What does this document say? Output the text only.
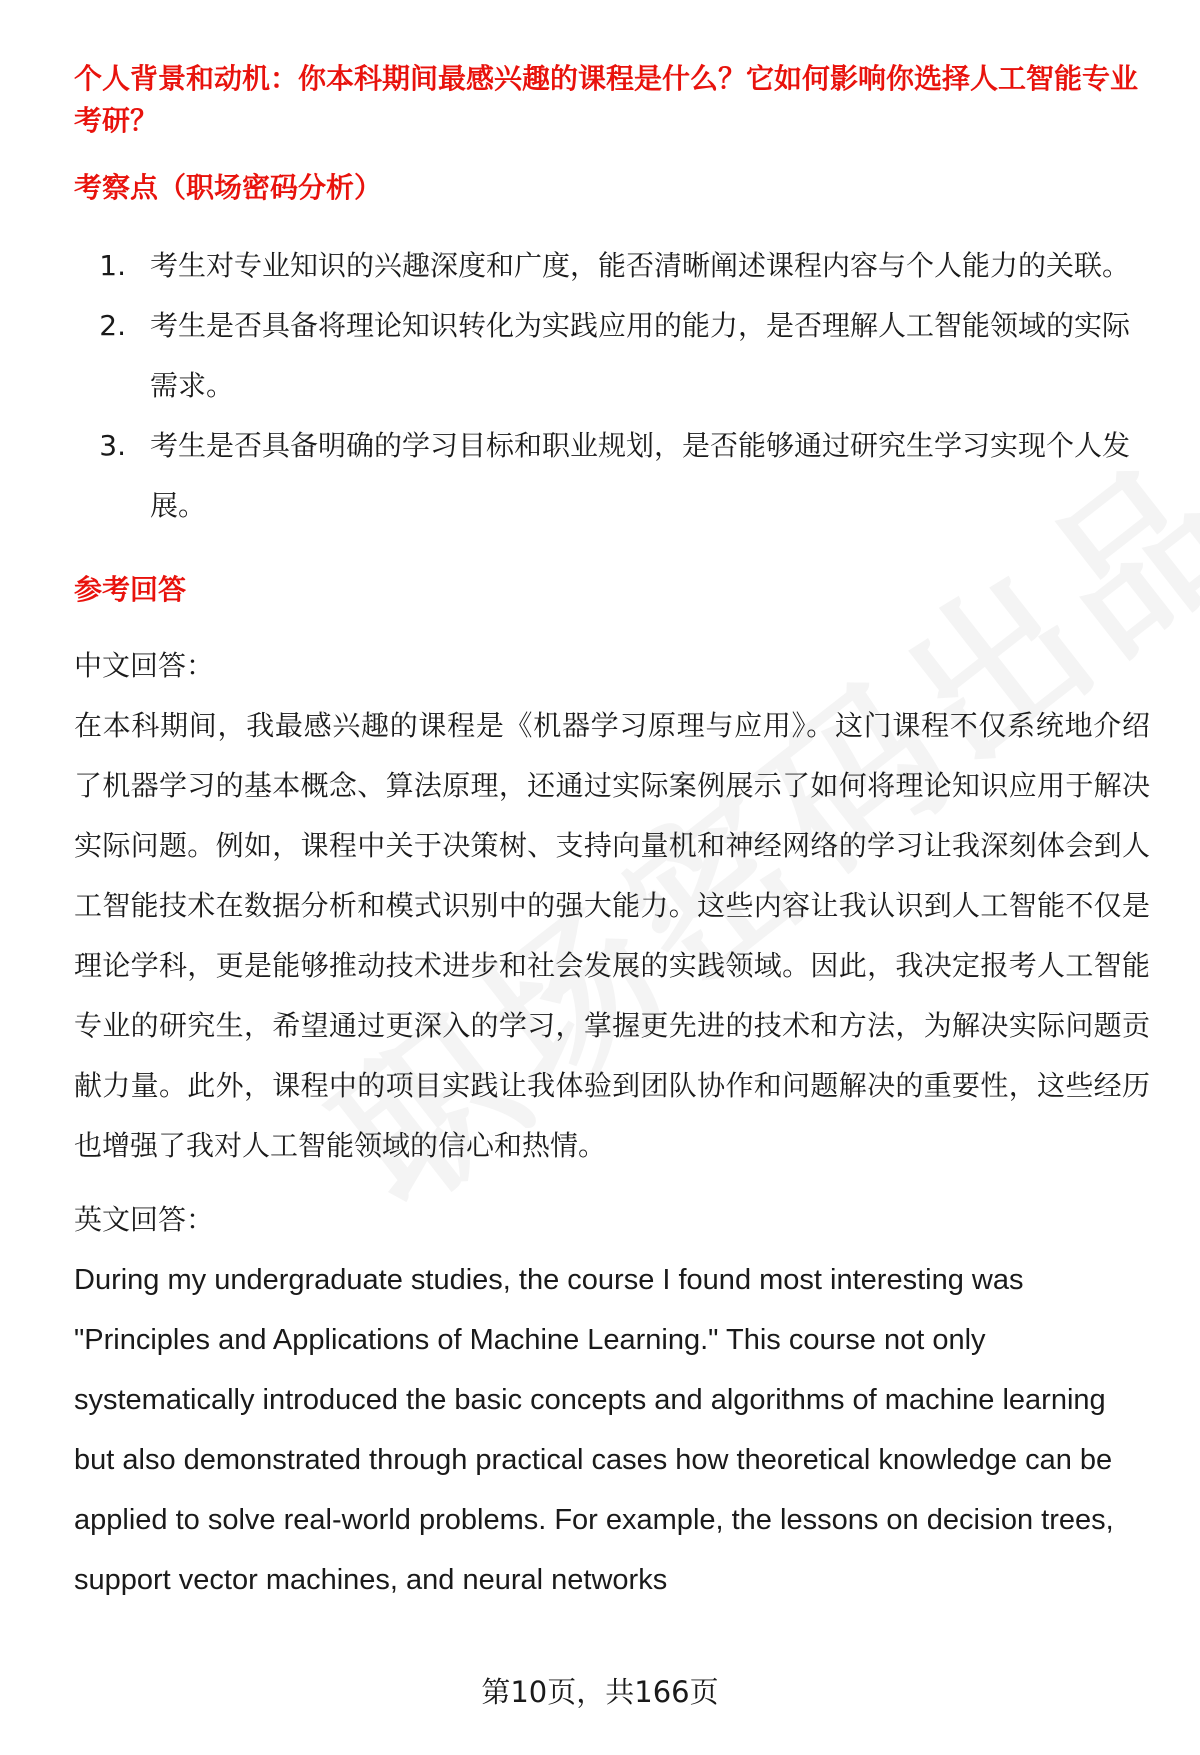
个人背景和动机：你本科期间最感兴趣的课程是什么？它如何影响你选择人工智能专业考研？

考察点（职场密码分析）
1. 考生对专业知识的兴趣深度和广度，能否清晰阐述课程内容与个人能力的关联。
2. 考生是否具备将理论知识转化为实践应用的能力，是否理解人工智能领域的实际需求。
3. 考生是否具备明确的学习目标和职业规划，是否能够通过研究生学习实现个人发展。
参考回答

中文回答：

在本科期间，我最感兴趣的课程是《机器学习原理与应用》。这门课程不仅系统地介绍了机器学习的基本概念、算法原理，还通过实际案例展示了如何将理论知识应用于解决实际问题。例如，课程中关于决策树、支持向量机和神经网络的学习让我深刻体会到人工智能技术在数据分析和模式识别中的强大能力。这些内容让我认识到人工智能不仅是理论学科，更是能够推动技术进步和社会发展的实践领域。因此，我决定报考人工智能专业的研究生，希望通过更深入的学习，掌握更先进的技术和方法，为解决实际问题贡献力量。此外，课程中的项目实践让我体验到团队协作和问题解决的重要性，这些经历也增强了我对人工智能领域的信心和热情。

英文回答：

During my undergraduate studies, the course I found most interesting was "Principles and Applications of Machine Learning." This course not only systematically introduced the basic concepts and algorithms of machine learning but also demonstrated through practical cases how theoretical knowledge can be applied to solve real-world problems. For example, the lessons on decision trees, support vector machines, and neural networks

第10页，共166页
